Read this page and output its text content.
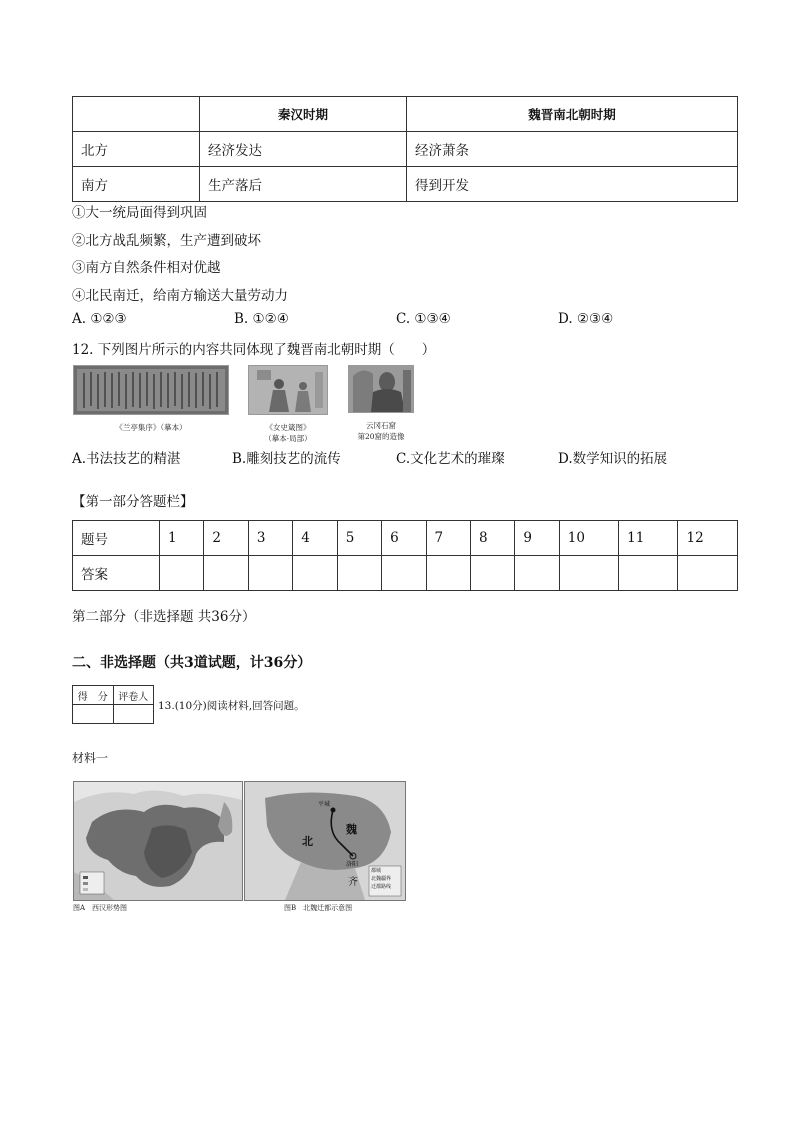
	秦汉时期	魏晋南北朝时期
北方	经济发达	经济萧条
南方	生产落后	得到开发
①大一统局面得到巩固
②北方战乱频繁，生产遭到破坏
③南方自然条件相对优越
④北民南迁，给南方输送大量劳动力
A. ①②③	B. ①②④	C. ①③④	D. ②③④
12. 下列图片所示的内容共同体现了魏晋南北朝时期（　　）
《兰亭集序》（摹本）	《女史箴图》
（摹本·局部）
云冈石窟
第20窟的造像
A.书法技艺的精湛	B.雕刻技艺的流传	C.文化艺术的璀璨	D.数学知识的拓展
【第一部分答题栏】
题号	1	2	3	4	5	6	7	8	9	10	11	12
答案												
第二部分（非选择题 共36分）
二、非选择题（共3道试题，计36分）
得　分	评卷人

13.(10分)阅读材料,回答问题。
材料一
图A　西汉形势图
北
魏
平城
洛阳
齐
都城
北魏疆界
迁都路线
图B　北魏迁都示意图
